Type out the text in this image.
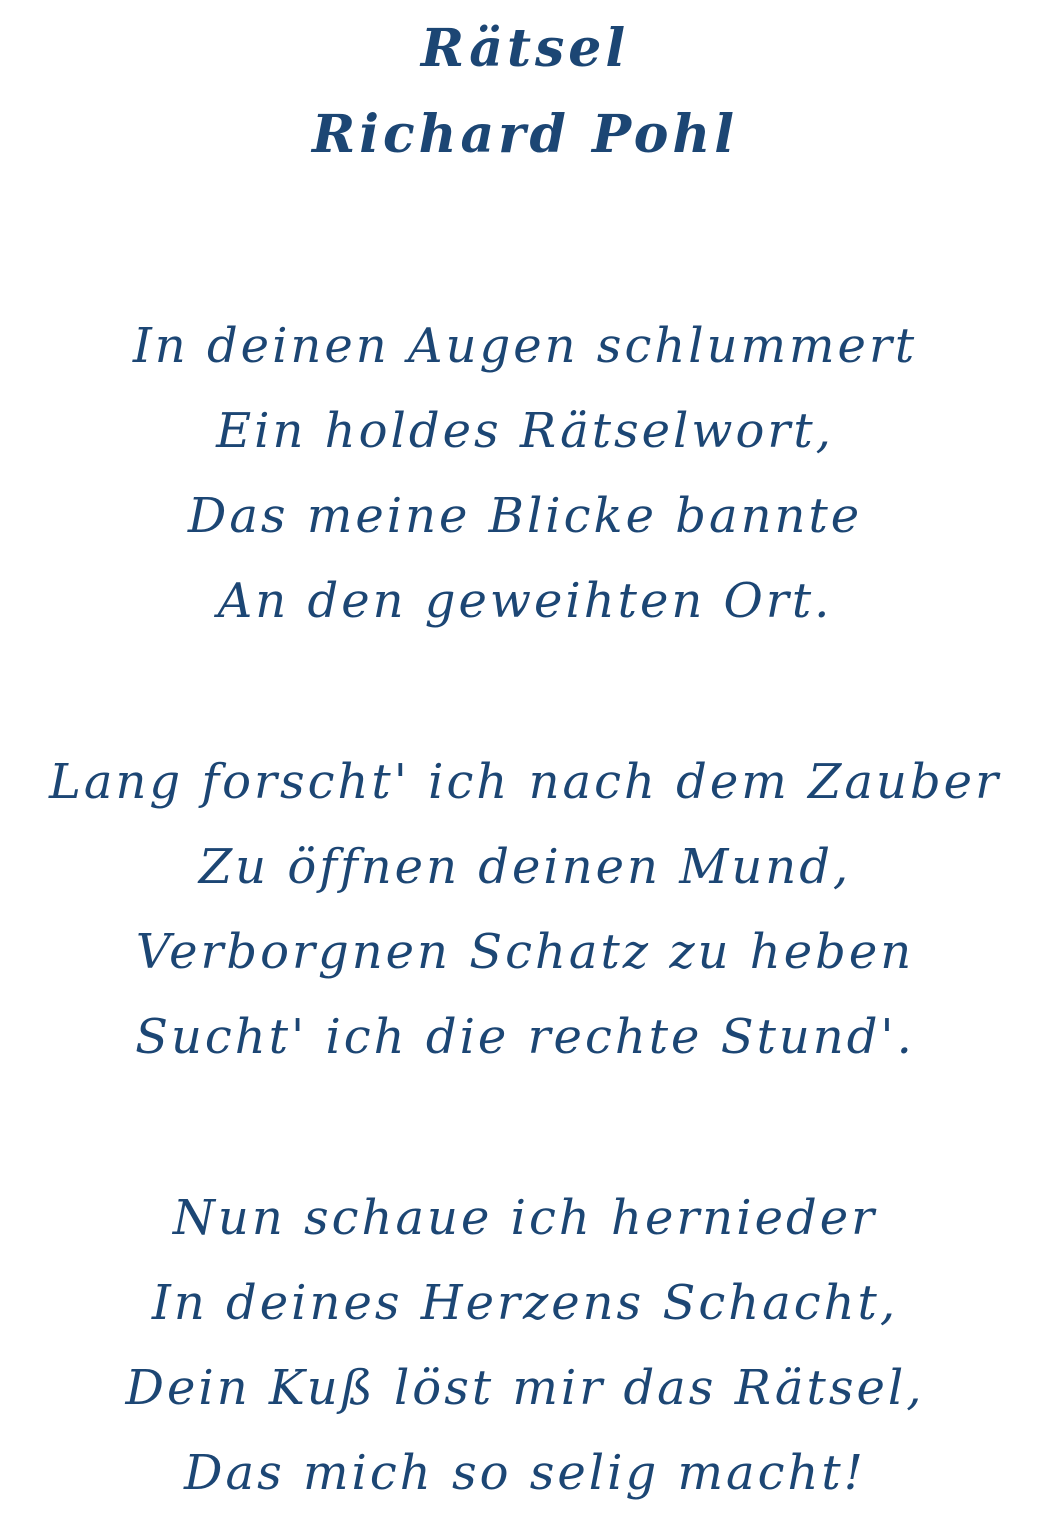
Rätsel
Richard Pohl
In deinen Augen schlummert
Ein holdes Rätselwort,
Das meine Blicke bannte
An den geweihten Ort.
Lang forscht' ich nach dem Zauber
Zu öffnen deinen Mund,
Verborgnen Schatz zu heben
Sucht' ich die rechte Stund'.
Nun schaue ich hernieder
In deines Herzens Schacht,
Dein Kuß löst mir das Rätsel,
Das mich so selig macht!
